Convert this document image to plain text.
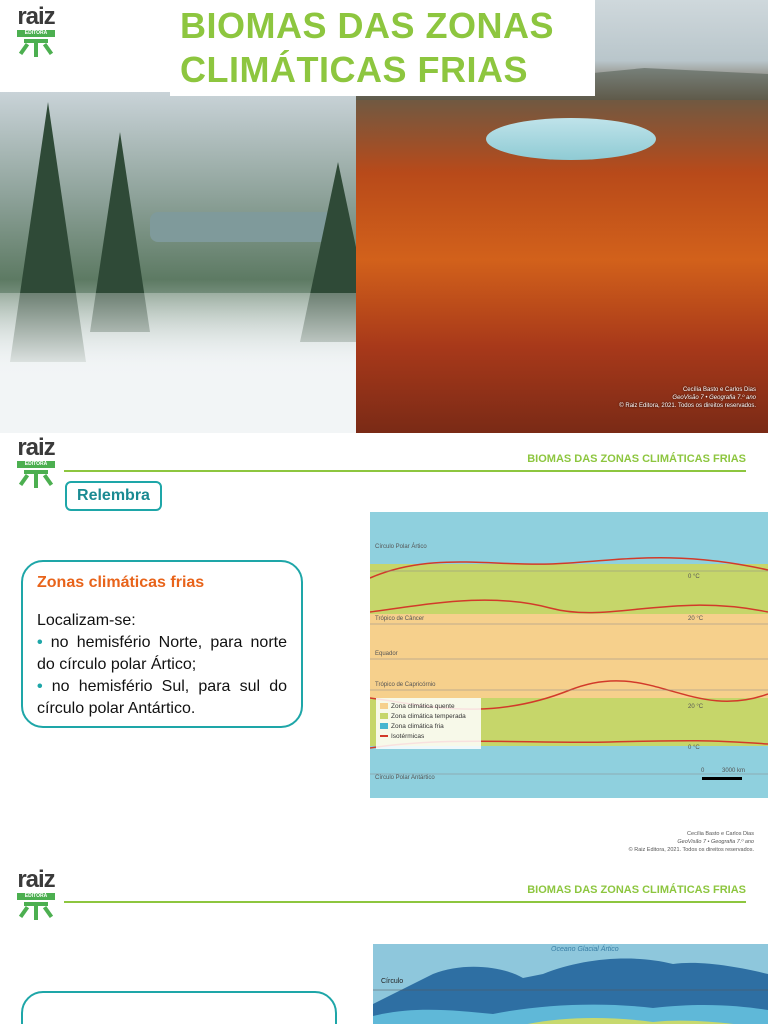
raiz
EDITORA	BIOMAS DAS ZONAS
CLIMÁTICAS FRIAS
Cecília Basto e Carlos Dias
GeoVisão 7 • Geografia 7.º ano
© Raiz Editora, 2021. Todos os direitos reservados.
raiz
EDITORA	BIOMAS DAS ZONAS CLIMÁTICAS FRIAS
Relembra
Zonas climáticas frias
Localizam-se:
• no hemisfério Norte, para norte do círculo polar Ártico;
• no hemisfério Sul, para sul do círculo polar Antártico.
Círculo Polar Ártico
Trópico de Câncer
Equador
Trópico de Capricórnio
Círculo Polar Antártico
0 °C
20 °C
20 °C
0 °C
0	3000 km
Zona climática quente
Zona climática temperada
Zona climática fria
Isotérmicas
Cecília Basto e Carlos Dias
GeoVisão 7 • Geografia 7.º ano
© Raiz Editora, 2021. Todos os direitos reservados.
raiz
EDITORA	BIOMAS DAS ZONAS CLIMÁTICAS FRIAS
Oceano Glacial Ártico
Círculo
